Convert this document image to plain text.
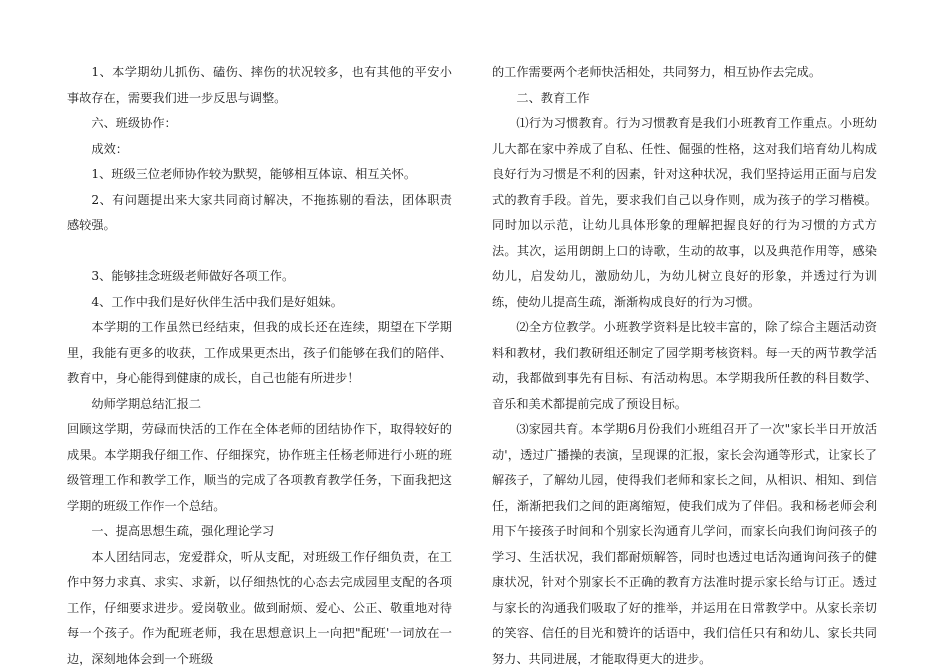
1、本学期幼儿抓伤、磕伤、摔伤的状况较多，也有其他的平安小事故存在，需要我们进一步反思与调整。

六、班级协作：

成效：

1、班级三位老师协作较为默契，能够相互体谅、相互关怀。

2、有问题提出来大家共同商讨解决，不拖拣剔的看法，团体职责感较强。

3、能够挂念班级老师做好各项工作。

4、工作中我们是好伙伴生活中我们是好姐妹。

本学期的工作虽然已经结束，但我的成长还在连续，期望在下学期里，我能有更多的收获，工作成果更杰出，孩子们能够在我们的陪伴、教育中，身心能得到健康的成长，自己也能有所进步！

幼师学期总结汇报二

回顾这学期，劳碌而快活的工作在全体老师的团结协作下，取得较好的成果。本学期我仔细工作、仔细探究，协作班主任杨老师进行小班的班级管理工作和教学工作，顺当的完成了各项教育教学任务，下面我把这学期的班级工作作一个总结。

一、提高思想生疏，强化理论学习

本人团结同志，宠爱群众，听从支配，对班级工作仔细负责，在工作中努力求真、求实、求新，以仔细热忱的心态去完成园里支配的各项工作，仔细要求进步。爱岗敬业。做到耐烦、爱心、公正、敬重地对待每一个孩子。作为配班老师，我在思想意识上一向把"配班'一词放在一边，深刻地体会到一个班级

的工作需要两个老师快活相处，共同努力，相互协作去完成。

二、教育工作

⑴行为习惯教育。行为习惯教育是我们小班教育工作重点。小班幼儿大都在家中养成了自私、任性、倔强的性格，这对我们培育幼儿构成良好行为习惯是不利的因素，针对这种状况，我们坚持运用正面与启发式的教育手段。首先，要求我们自己以身作则，成为孩子的学习楷模。同时加以示范，让幼儿具体形象的理解把握良好的行为习惯的方式方法。其次，运用朗朗上口的诗歌，生动的故事，以及典范作用等，感染幼儿，启发幼儿，激励幼儿，为幼儿树立良好的形象，并透过行为训练，使幼儿提高生疏，渐渐构成良好的行为习惯。

⑵全方位教学。小班教学资料是比较丰富的，除了综合主题活动资料和教材，我们教研组还制定了园学期考核资料。每一天的两节教学活动，我都做到事先有目标、有活动构思。本学期我所任教的科目数学、音乐和美术都提前完成了预设目标。

⑶家园共育。本学期6月份我们小班组召开了一次"家长半日开放活动'，透过广播操的表演，呈现课的汇报，家长会沟通等形式，让家长了解孩子，了解幼儿园，使得我们老师和家长之间，从相识、相知、到信任，渐渐把我们之间的距离缩短，使我们成为了伴侣。我和杨老师会利用下午接孩子时间和个别家长沟通育儿学问，而家长向我们询问孩子的学习、生活状况，我们都耐烦解答，同时也透过电话沟通询问孩子的健康状况，针对个别家长不正确的教育方法准时提示家长给与订正。透过与家长的沟通我们吸取了好的推举，并运用在日常教学中。从家长亲切的笑容、信任的目光和赞许的话语中，我们信任只有和幼儿、家长共同努力、共同进展，才能取得更大的进步。
